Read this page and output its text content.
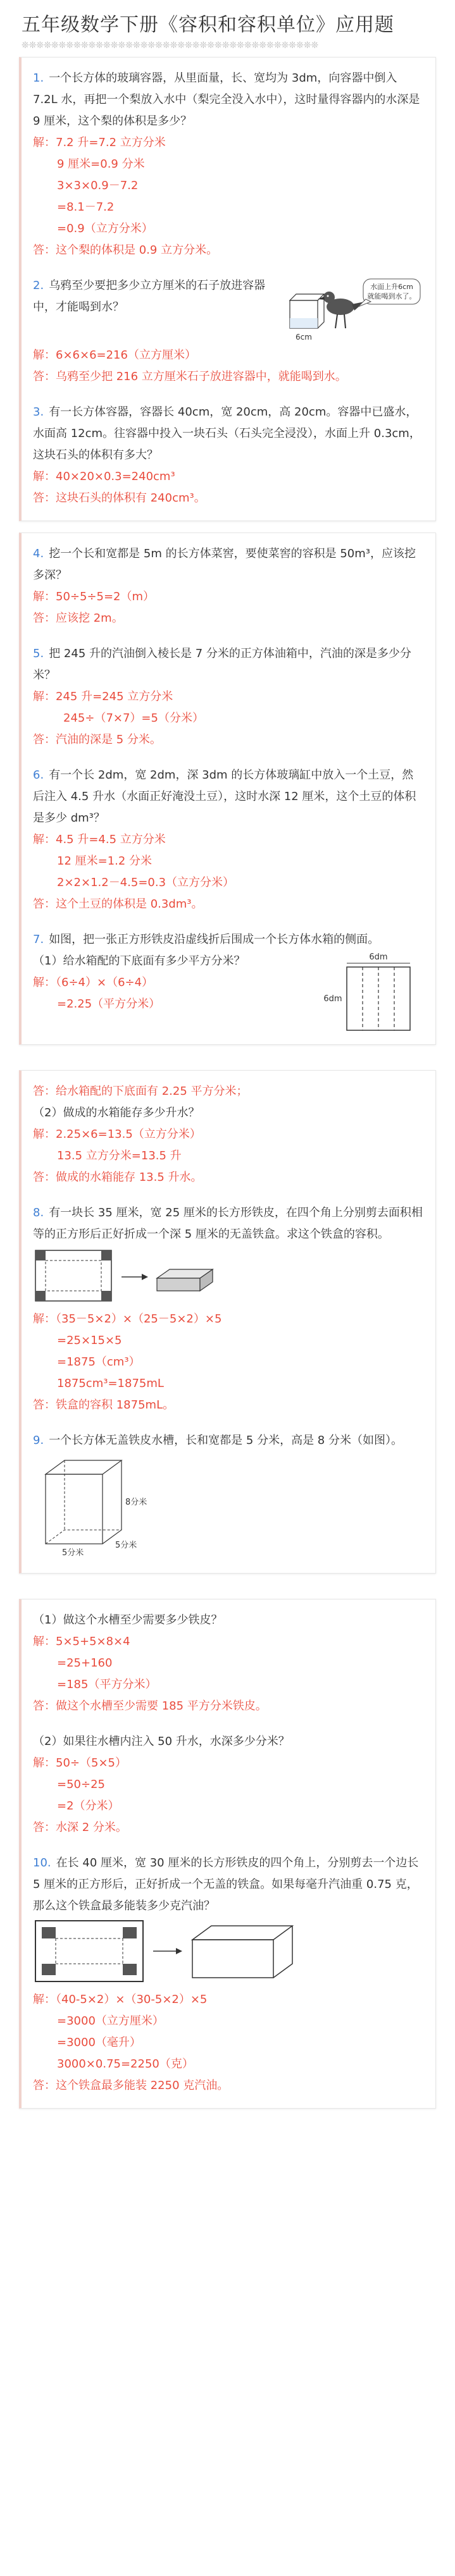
五年级数学下册《容积和容积单位》应用题
❊❊❊❊❊❊❊❊❊❊❊❊❊❊❊❊❊❊❊❊❊❊❊❊❊❊❊❊❊❊❊❊❊❊❊❊❊❊❊❊

1. 一个长方体的玻璃容器，从里面量，长、宽均为 3dm，向容器中倒入 7.2L 水，再把一个梨放入水中（梨完全没入水中），这时量得容器内的水深是 9 厘米，这个梨的体积是多少？

解：7.2 升=7.2 立方分米

9 厘米=0.9 分米

3×3×0.9－7.2

=8.1－7.2

=0.9（立方分米）

答：这个梨的体积是 0.9 立方分米。

2. 乌鸦至少要把多少立方厘米的石子放进容器中，才能喝到水？

水面上升6cm
就能喝到水了。
6cm

解：6×6×6=216（立方厘米）

答：乌鸦至少把 216 立方厘米石子放进容器中，就能喝到水。

3. 有一长方体容器，容器长 40cm，宽 20cm，高 20cm。容器中已盛水，水面高 12cm。往容器中投入一块石头（石头完全浸没），水面上升 0.3cm，这块石头的体积有多大？

解：40×20×0.3=240cm³

答：这块石头的体积有 240cm³。

4. 挖一个长和宽都是 5m 的长方体菜窖，要使菜窖的容积是 50m³，应该挖多深？

解：50÷5÷5=2（m）

答：应该挖 2m。

5. 把 245 升的汽油倒入棱长是 7 分米的正方体油箱中，汽油的深是多少分米？

解：245 升=245 立方分米

245÷（7×7）=5（分米）

答：汽油的深是 5 分米。

6. 有一个长 2dm，宽 2dm，深 3dm 的长方体玻璃缸中放入一个土豆，然后注入 4.5 升水（水面正好淹没土豆），这时水深 12 厘米，这个土豆的体积是多少 dm³？

解：4.5 升=4.5 立方分米

12 厘米=1.2 分米

2×2×1.2－4.5=0.3（立方分米）

答：这个土豆的体积是 0.3dm³。

7. 如图，把一张正方形铁皮沿虚线折后围成一个长方体水箱的侧面。

（1）给水箱配的下底面有多少平方分米？

解：（6÷4）×（6÷4）

=2.25（平方分米）

6dm
6dm

答：给水箱配的下底面有 2.25 平方分米；

（2）做成的水箱能存多少升水？

解：2.25×6=13.5（立方分米）

13.5 立方分米=13.5 升

答：做成的水箱能存 13.5 升水。

8. 有一块长 35 厘米，宽 25 厘米的长方形铁皮，在四个角上分别剪去面积相等的正方形后正好折成一个深 5 厘米的无盖铁盒。求这个铁盒的容积。

解：（35－5×2）×（25－5×2）×5

=25×15×5

=1875（cm³）

1875cm³=1875mL

答：铁盒的容积 1875mL。

9. 一个长方体无盖铁皮水槽，长和宽都是 5 分米，高是 8 分米（如图）。

8分米
5分米
5分米

（1）做这个水槽至少需要多少铁皮？

解：5×5+5×8×4

=25+160

=185（平方分米）

答：做这个水槽至少需要 185 平方分米铁皮。

（2）如果往水槽内注入 50 升水，水深多少分米？

解：50÷（5×5）

=50÷25

=2（分米）

答：水深 2 分米。

10. 在长 40 厘米，宽 30 厘米的长方形铁皮的四个角上，分别剪去一个边长 5 厘米的正方形后，正好折成一个无盖的铁盒。如果每毫升汽油重 0.75 克，那么这个铁盒最多能装多少克汽油？

解：（40-5×2）×（30-5×2）×5

=3000（立方厘米）

=3000（毫升）

3000×0.75=2250（克）

答：这个铁盒最多能装 2250 克汽油。
